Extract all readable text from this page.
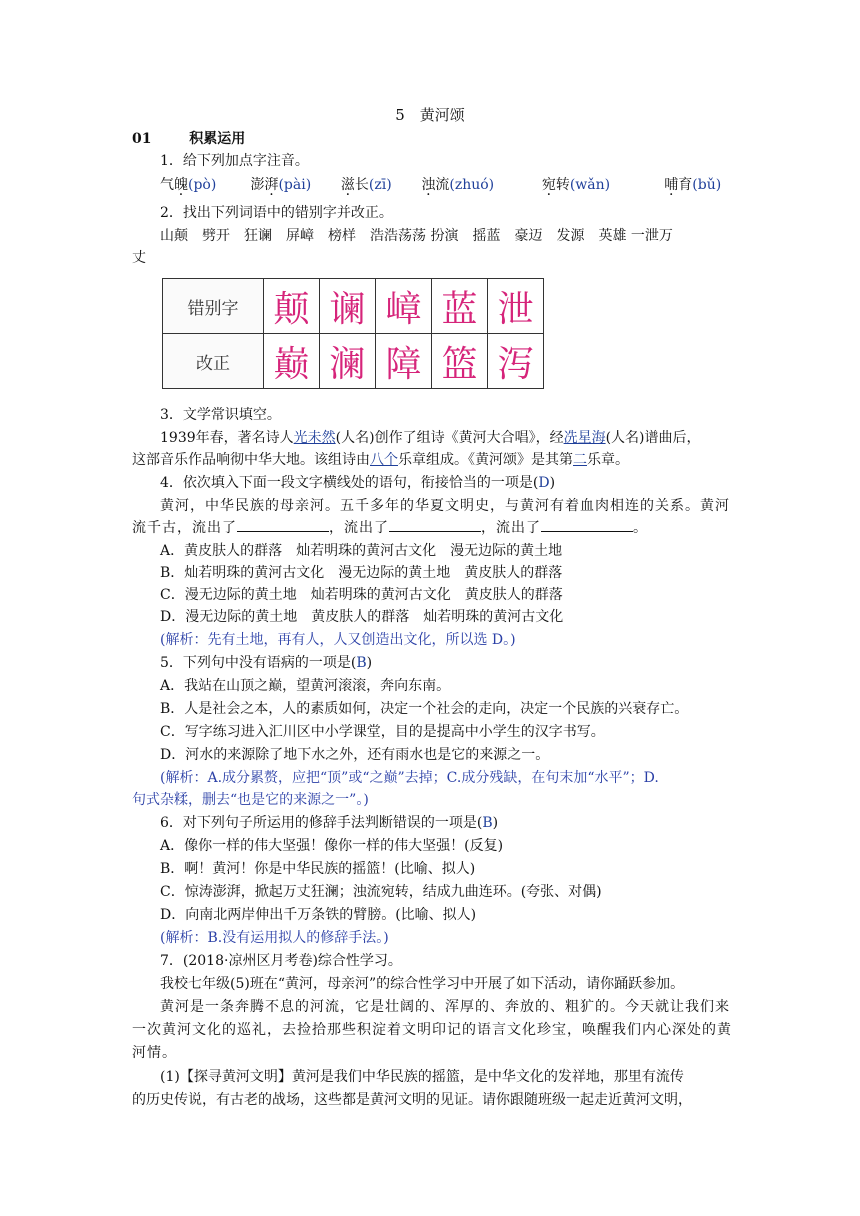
5　黄河颂
01	积累运用
1．给下列加点字注音。
气魄(pò) 澎湃(pài) 滋长(zī) 浊流(zhuó)	宛转(wǎn)	哺育(bǔ)
2．找出下列词语中的错别字并改正。
山颠　劈开　狂谰　屏嶂　榜样　浩浩荡荡 扮演　摇蓝　豪迈　发源　英雄 一泄万
丈
错别字	颠	谰	嶂	蓝	泄
改正	巅	澜	障	篮	泻
3．文学常识填空。
1939年春，著名诗人光未然(人名)创作了组诗《黄河大合唱》，经冼星海(人名)谱曲后，
这部音乐作品响彻中华大地。该组诗由八个乐章组成。《黄河颂》是其第二乐章。
4．依次填入下面一段文字横线处的语句，衔接恰当的一项是(D)
黄河，中华民族的母亲河。五千多年的华夏文明史，与黄河有着血肉相连的关系。黄河
流千古，流出了	，流出了	，流出了	。
A．黄皮肤人的群落　灿若明珠的黄河古文化　漫无边际的黄土地
B．灿若明珠的黄河古文化　漫无边际的黄土地　黄皮肤人的群落
C．漫无边际的黄土地　灿若明珠的黄河古文化　黄皮肤人的群落
D．漫无边际的黄土地　黄皮肤人的群落　灿若明珠的黄河古文化
(解析：先有土地，再有人，人又创造出文化，所以选 D。)
5．下列句中没有语病的一项是(B)
A．我站在山顶之巅，望黄河滚滚，奔向东南。
B．人是社会之本，人的素质如何，决定一个社会的走向，决定一个民族的兴衰存亡。
C．写字练习进入汇川区中小学课堂，目的是提高中小学生的汉字书写。
D．河水的来源除了地下水之外，还有雨水也是它的来源之一。
(解析：A.成分累赘，应把“顶”或“之巅”去掉；C.成分残缺，在句末加“水平”；D.
句式杂糅，删去“也是它的来源之一”。)
6．对下列句子所运用的修辞手法判断错误的一项是(B)
A．像你一样的伟大坚强！像你一样的伟大坚强！(反复)
B．啊！黄河！你是中华民族的摇篮！(比喻、拟人)
C．惊涛澎湃，掀起万丈狂澜；浊流宛转，结成九曲连环。(夸张、对偶)
D．向南北两岸伸出千万条铁的臂膀。(比喻、拟人)
(解析：B.没有运用拟人的修辞手法。)
7．(2018·凉州区月考卷)综合性学习。
我校七年级(5)班在“黄河，母亲河”的综合性学习中开展了如下活动，请你踊跃参加。
黄河是一条奔腾不息的河流，它是壮阔的、浑厚的、奔放的、粗犷的。今天就让我们来
一次黄河文化的巡礼，去捡拾那些积淀着文明印记的语言文化珍宝，唤醒我们内心深处的黄
河情。
(1)【探寻黄河文明】黄河是我们中华民族的摇篮，是中华文化的发祥地，那里有流传
的历史传说，有古老的战场，这些都是黄河文明的见证。请你跟随班级一起走近黄河文明，
